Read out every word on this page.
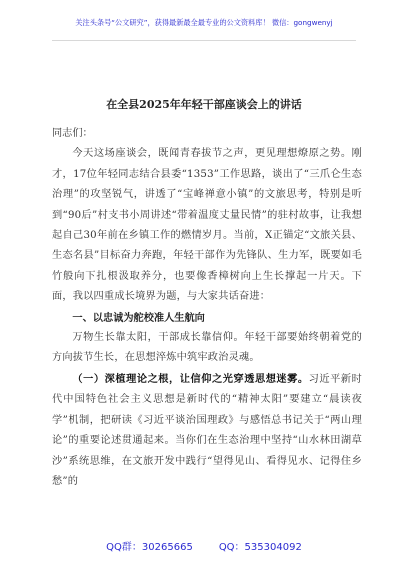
关注头条号“公文研究”，获得最新最全最专业的公文资料库！ 微信：gongwenyj
在全县2025年年轻干部座谈会上的讲话

同志们：

今天这场座谈会，既闻青春拔节之声，更见理想燎原之势。刚才，17位年轻同志结合县委“1353”工作思路，谈出了“三爪仑生态治理”的攻坚锐气，讲透了“宝峰禅意小镇”的文旅思考，特别是听到“90后”村支书小周讲述“带着温度丈量民情”的驻村故事，让我想起自己30年前在乡镇工作的燃情岁月。当前，X正锚定“文旅关县、生态名县”目标奋力奔跑，年轻干部作为先锋队、生力军，既要如毛竹般向下扎根汲取养分，也要像香樟树向上生长撑起一片天。下面，我以四重成长境界为题，与大家共话奋进：

一、以忠诚为舵校准人生航向

万物生长靠太阳，干部成长靠信仰。年轻干部要始终朝着党的方向拔节生长，在思想淬炼中筑牢政治灵魂。

（一）深植理论之根，让信仰之光穿透思想迷雾。习近平新时代中国特色社会主义思想是新时代的“精神太阳”要建立“晨读夜学”机制，把研读《习近平谈治国理政》与感悟总书记关于“两山理论”的重要论述贯通起来。当你们在生态治理中坚持“山水林田湖草沙”系统思维，在文旅开发中践行“望得见山、看得见水、记得住乡愁”的

QQ群：30265665	QQ：535304092
